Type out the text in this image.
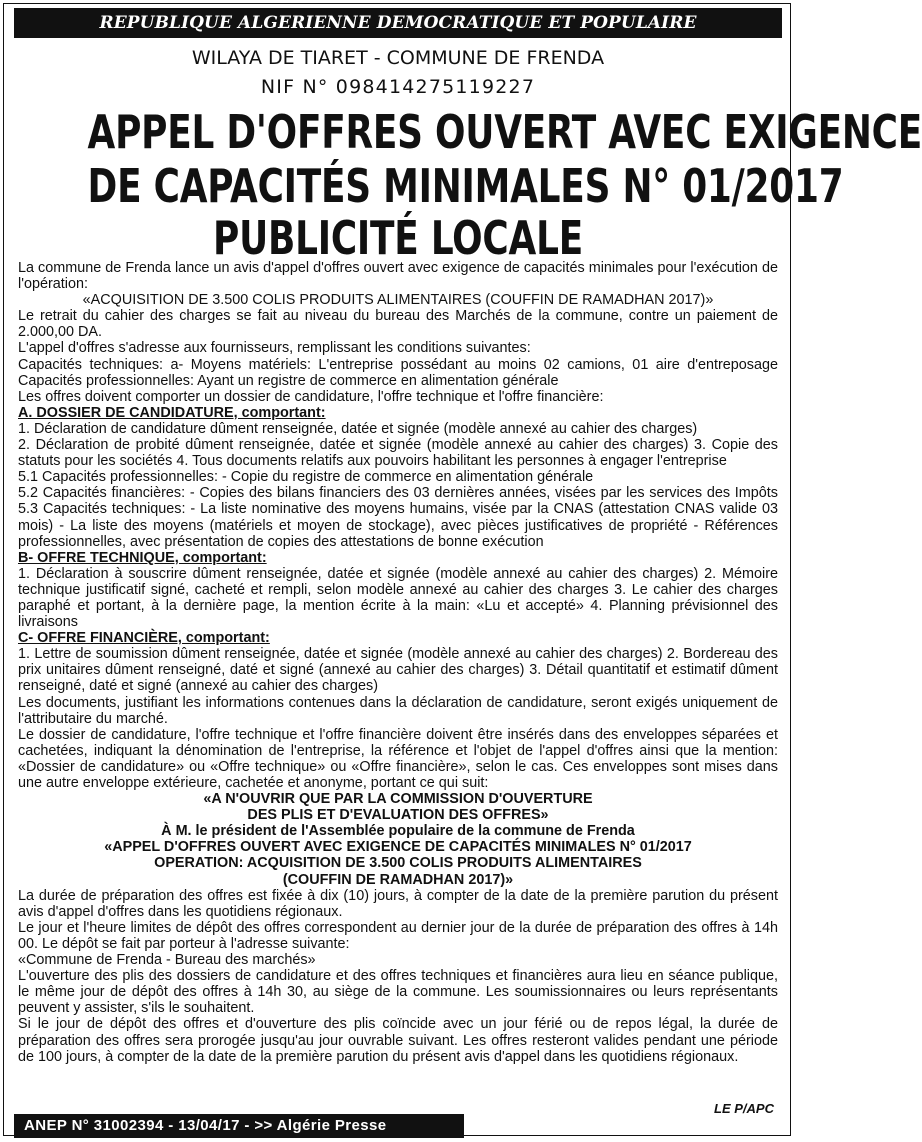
REPUBLIQUE ALGERIENNE DEMOCRATIQUE ET POPULAIRE
WILAYA DE TIARET - COMMUNE DE FRENDA
NIF N° 098414275119227
APPEL D'OFFRES OUVERT AVEC EXIGENCE
DE CAPACITÉS MINIMALES N° 01/2017
PUBLICITÉ LOCALE

La commune de Frenda lance un avis d'appel d'offres ouvert avec exigence de capacités minimales pour l'exécution de l'opération:

«ACQUISITION DE 3.500 COLIS PRODUITS ALIMENTAIRES (COUFFIN DE RAMADHAN 2017)»

Le retrait du cahier des charges se fait au niveau du bureau des Marchés de la commune, contre un paiement de 2.000,00 DA.

L'appel d'offres s'adresse aux fournisseurs, remplissant les conditions suivantes:

Capacités techniques: a- Moyens matériels: L'entreprise possédant au moins 02 camions, 01 aire d'entreposage Capacités professionnelles: Ayant un registre de commerce en alimentation générale

Les offres doivent comporter un dossier de candidature, l'offre technique et l'offre financière:

A. DOSSIER DE CANDIDATURE, comportant:

1. Déclaration de candidature dûment renseignée, datée et signée (modèle annexé au cahier des charges)

2. Déclaration de probité dûment renseignée, datée et signée (modèle annexé au cahier des charges) 3. Copie des statuts pour les sociétés 4. Tous documents relatifs aux pouvoirs habilitant les personnes à engager l'entreprise

5.1 Capacités professionnelles: - Copie du registre de commerce en alimentation générale

5.2 Capacités financières: - Copies des bilans financiers des 03 dernières années, visées par les services des Impôts 5.3 Capacités techniques: - La liste nominative des moyens humains, visée par la CNAS (attestation CNAS valide 03 mois) - La liste des moyens (matériels et moyen de stockage), avec pièces justificatives de propriété - Références professionnelles, avec présentation de copies des attestations de bonne exécution

B- OFFRE TECHNIQUE, comportant:

1. Déclaration à souscrire dûment renseignée, datée et signée (modèle annexé au cahier des charges) 2. Mémoire technique justificatif signé, cacheté et rempli, selon modèle annexé au cahier des charges 3. Le cahier des charges paraphé et portant, à la dernière page, la mention écrite à la main: «Lu et accepté» 4. Planning prévisionnel des livraisons

C- OFFRE FINANCIÈRE, comportant:

1. Lettre de soumission dûment renseignée, datée et signée (modèle annexé au cahier des charges) 2. Bordereau des prix unitaires dûment renseigné, daté et signé (annexé au cahier des charges) 3. Détail quantitatif et estimatif dûment renseigné, daté et signé (annexé au cahier des charges)

Les documents, justifiant les informations contenues dans la déclaration de candidature, seront exigés uniquement de l'attributaire du marché.

Le dossier de candidature, l'offre technique et l'offre financière doivent être insérés dans des enveloppes séparées et cachetées, indiquant la dénomination de l'entreprise, la référence et l'objet de l'appel d'offres ainsi que la mention: «Dossier de candidature» ou «Offre technique» ou «Offre financière», selon le cas. Ces enveloppes sont mises dans une autre enveloppe extérieure, cachetée et anonyme, portant ce qui suit:

«A N'OUVRIR QUE PAR LA COMMISSION D'OUVERTURE

DES PLIS ET D'EVALUATION DES OFFRES»

À M. le président de l'Assemblée populaire de la commune de Frenda

«APPEL D'OFFRES OUVERT AVEC EXIGENCE DE CAPACITÉS MINIMALES N° 01/2017

OPERATION: ACQUISITION DE 3.500 COLIS PRODUITS ALIMENTAIRES

(COUFFIN DE RAMADHAN 2017)»

La durée de préparation des offres est fixée à dix (10) jours, à compter de la date de la première parution du présent avis d'appel d'offres dans les quotidiens régionaux.

Le jour et l'heure limites de dépôt des offres correspondent au dernier jour de la durée de préparation des offres à 14h 00. Le dépôt se fait par porteur à l'adresse suivante:

«Commune de Frenda - Bureau des marchés»

L'ouverture des plis des dossiers de candidature et des offres techniques et financières aura lieu en séance publique, le même jour de dépôt des offres à 14h 30, au siège de la commune. Les soumissionnaires ou leurs représentants peuvent y assister, s'ils le souhaitent.

Si le jour de dépôt des offres et d'ouverture des plis coïncide avec un jour férié ou de repos légal, la durée de préparation des offres sera prorogée jusqu'au jour ouvrable suivant. Les offres resteront valides pendant une période de 100 jours, à compter de la date de la première parution du présent avis d'appel dans les quotidiens régionaux.

LE P/APC
ANEP N° 31002394 - 13/04/17 - >> Algérie Presse
